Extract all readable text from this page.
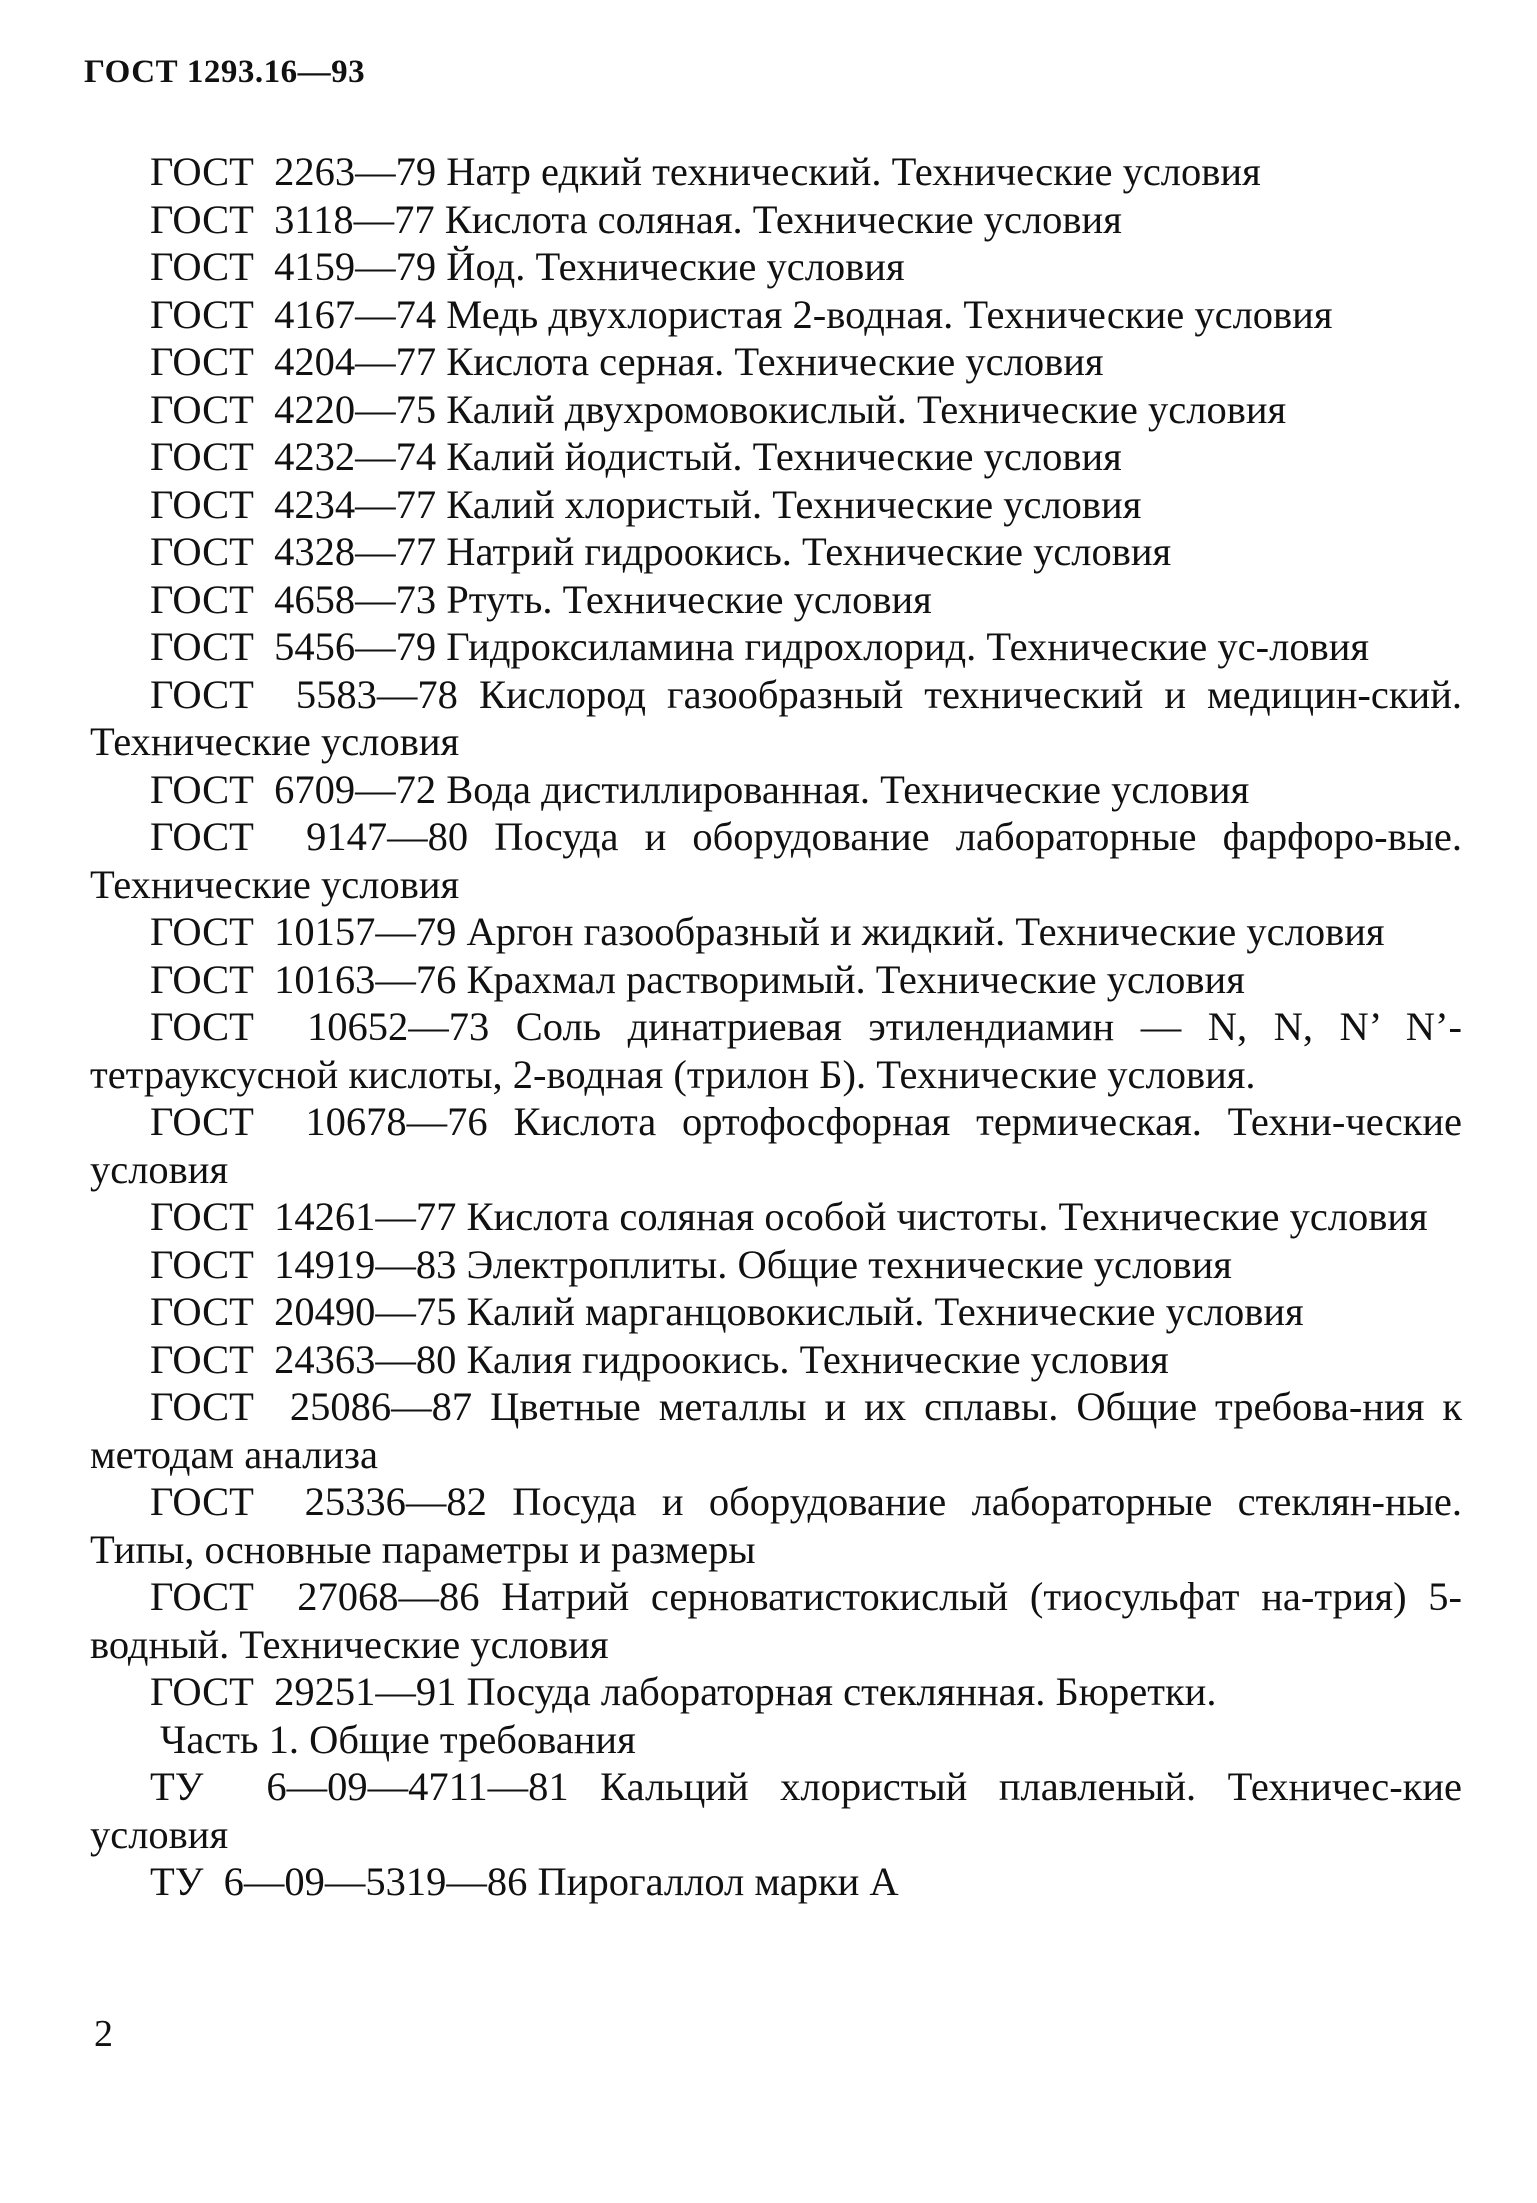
ГОСТ 1293.16—93
ГОСТ  2263—79 Натр едкий технический. Технические условия
ГОСТ  3118—77 Кислота соляная. Технические условия
ГОСТ  4159—79 Йод. Технические условия
ГОСТ  4167—74 Медь двухлористая 2-водная. Технические условия
ГОСТ  4204—77 Кислота серная. Технические условия
ГОСТ  4220—75 Калий двухромовокислый. Технические условия
ГОСТ  4232—74 Калий йодистый. Технические условия
ГОСТ  4234—77 Калий хлористый. Технические условия
ГОСТ  4328—77 Натрий гидроокись. Технические условия
ГОСТ  4658—73 Ртуть. Технические условия
ГОСТ  5456—79 Гидроксиламина гидрохлорид. Технические ус-ловия
ГОСТ  5583—78 Кислород газообразный технический и медицин-ский. Технические условия
ГОСТ  6709—72 Вода дистиллированная. Технические условия
ГОСТ  9147—80 Посуда и оборудование лабораторные фарфоро-вые. Технические условия
ГОСТ  10157—79 Аргон газообразный и жидкий. Технические условия
ГОСТ  10163—76 Крахмал растворимый. Технические условия
ГОСТ  10652—73 Соль динатриевая этилендиамин — N, N, N’ N’-тетрауксусной кислоты, 2-водная (трилон Б). Технические условия.
ГОСТ  10678—76 Кислота ортофосфорная термическая. Техни-ческие условия
ГОСТ  14261—77 Кислота соляная особой чистоты. Технические условия
ГОСТ  14919—83 Электроплиты. Общие технические условия
ГОСТ  20490—75 Калий марганцовокислый. Технические условия
ГОСТ  24363—80 Калия гидроокись. Технические условия
ГОСТ  25086—87 Цветные металлы и их сплавы. Общие требова-ния к методам анализа
ГОСТ  25336—82 Посуда и оборудование лабораторные стеклян-ные. Типы, основные параметры и размеры
ГОСТ  27068—86 Натрий серноватистокислый (тиосульфат на-трия) 5-водный. Технические условия
ГОСТ  29251—91 Посуда лабораторная стеклянная. Бюретки.
Часть 1. Общие требования
ТУ  6—09—4711—81 Кальций хлористый плавленый. Техничес-кие условия
ТУ  6—09—5319—86 Пирогаллол марки А
2
